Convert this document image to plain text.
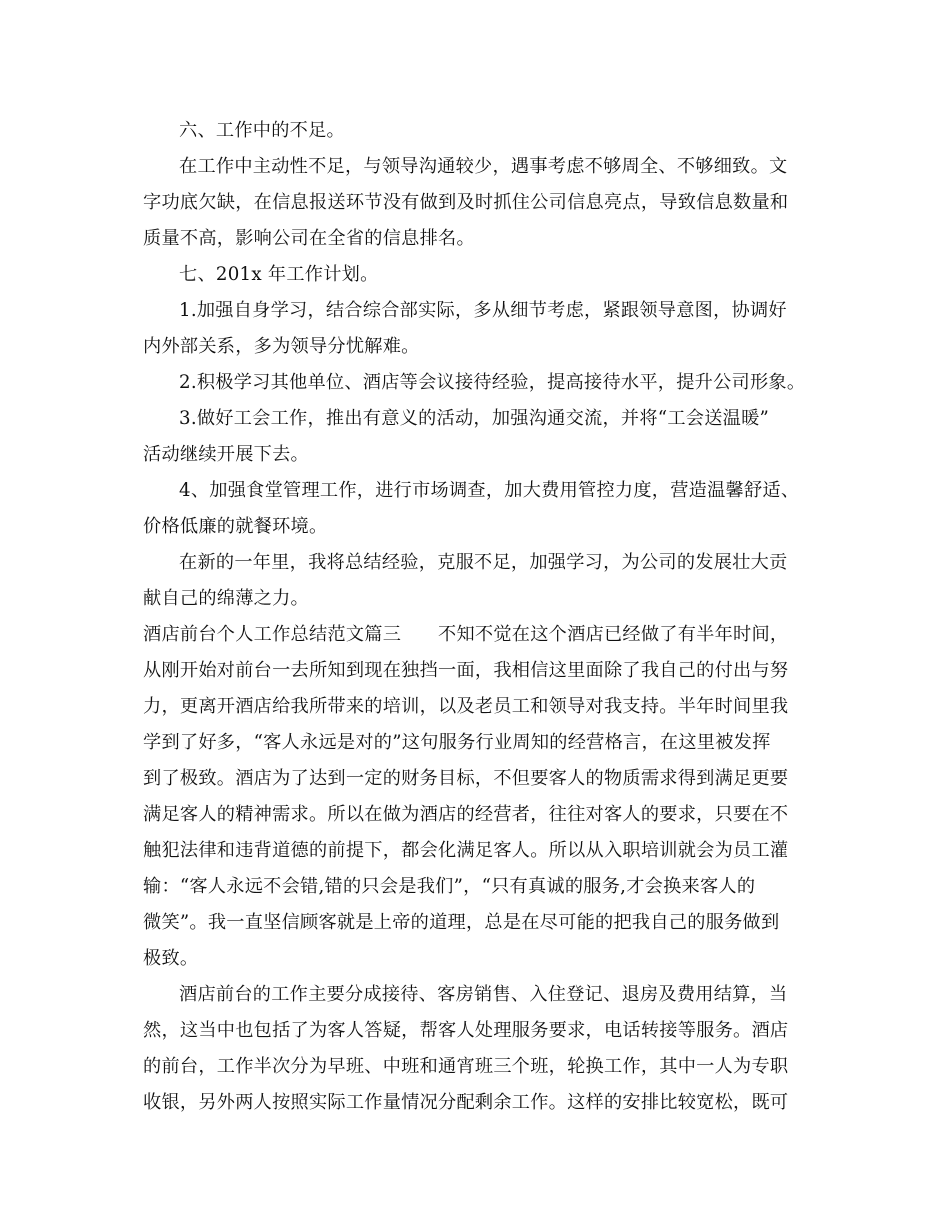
六、工作中的不足。
在工作中主动性不足，与领导沟通较少，遇事考虑不够周全、不够细致。文
字功底欠缺，在信息报送环节没有做到及时抓住公司信息亮点，导致信息数量和
质量不高，影响公司在全省的信息排名。
七、201x 年工作计划。
1.加强自身学习，结合综合部实际，多从细节考虑，紧跟领导意图，协调好
内外部关系，多为领导分忧解难。
2.积极学习其他单位、酒店等会议接待经验，提高接待水平，提升公司形象。
3.做好工会工作，推出有意义的活动，加强沟通交流，并将“工会送温暖”
活动继续开展下去。
4、加强食堂管理工作，进行市场调查，加大费用管控力度，营造温馨舒适、
价格低廉的就餐环境。
在新的一年里，我将总结经验，克服不足，加强学习，为公司的发展壮大贡
献自己的绵薄之力。
酒店前台个人工作总结范文篇三　　不知不觉在这个酒店已经做了有半年时间，
从刚开始对前台一去所知到现在独挡一面，我相信这里面除了我自己的付出与努
力，更离开酒店给我所带来的培训，以及老员工和领导对我支持。半年时间里我
学到了好多，“客人永远是对的”这句服务行业周知的经营格言，在这里被发挥
到了极致。酒店为了达到一定的财务目标，不但要客人的物质需求得到满足更要
满足客人的精神需求。所以在做为酒店的经营者，往往对客人的要求，只要在不
触犯法律和违背道德的前提下，都会化满足客人。所以从入职培训就会为员工灌
输：“客人永远不会错,错的只会是我们”，“只有真诚的服务,才会换来客人的
微笑”。我一直坚信顾客就是上帝的道理，总是在尽可能的把我自己的服务做到
极致。
酒店前台的工作主要分成接待、客房销售、入住登记、退房及费用结算，当
然，这当中也包括了为客人答疑，帮客人处理服务要求，电话转接等服务。酒店
的前台，工作半次分为早班、中班和通宵班三个班，轮换工作，其中一人为专职
收银，另外两人按照实际工作量情况分配剩余工作。这样的安排比较宽松，既可
